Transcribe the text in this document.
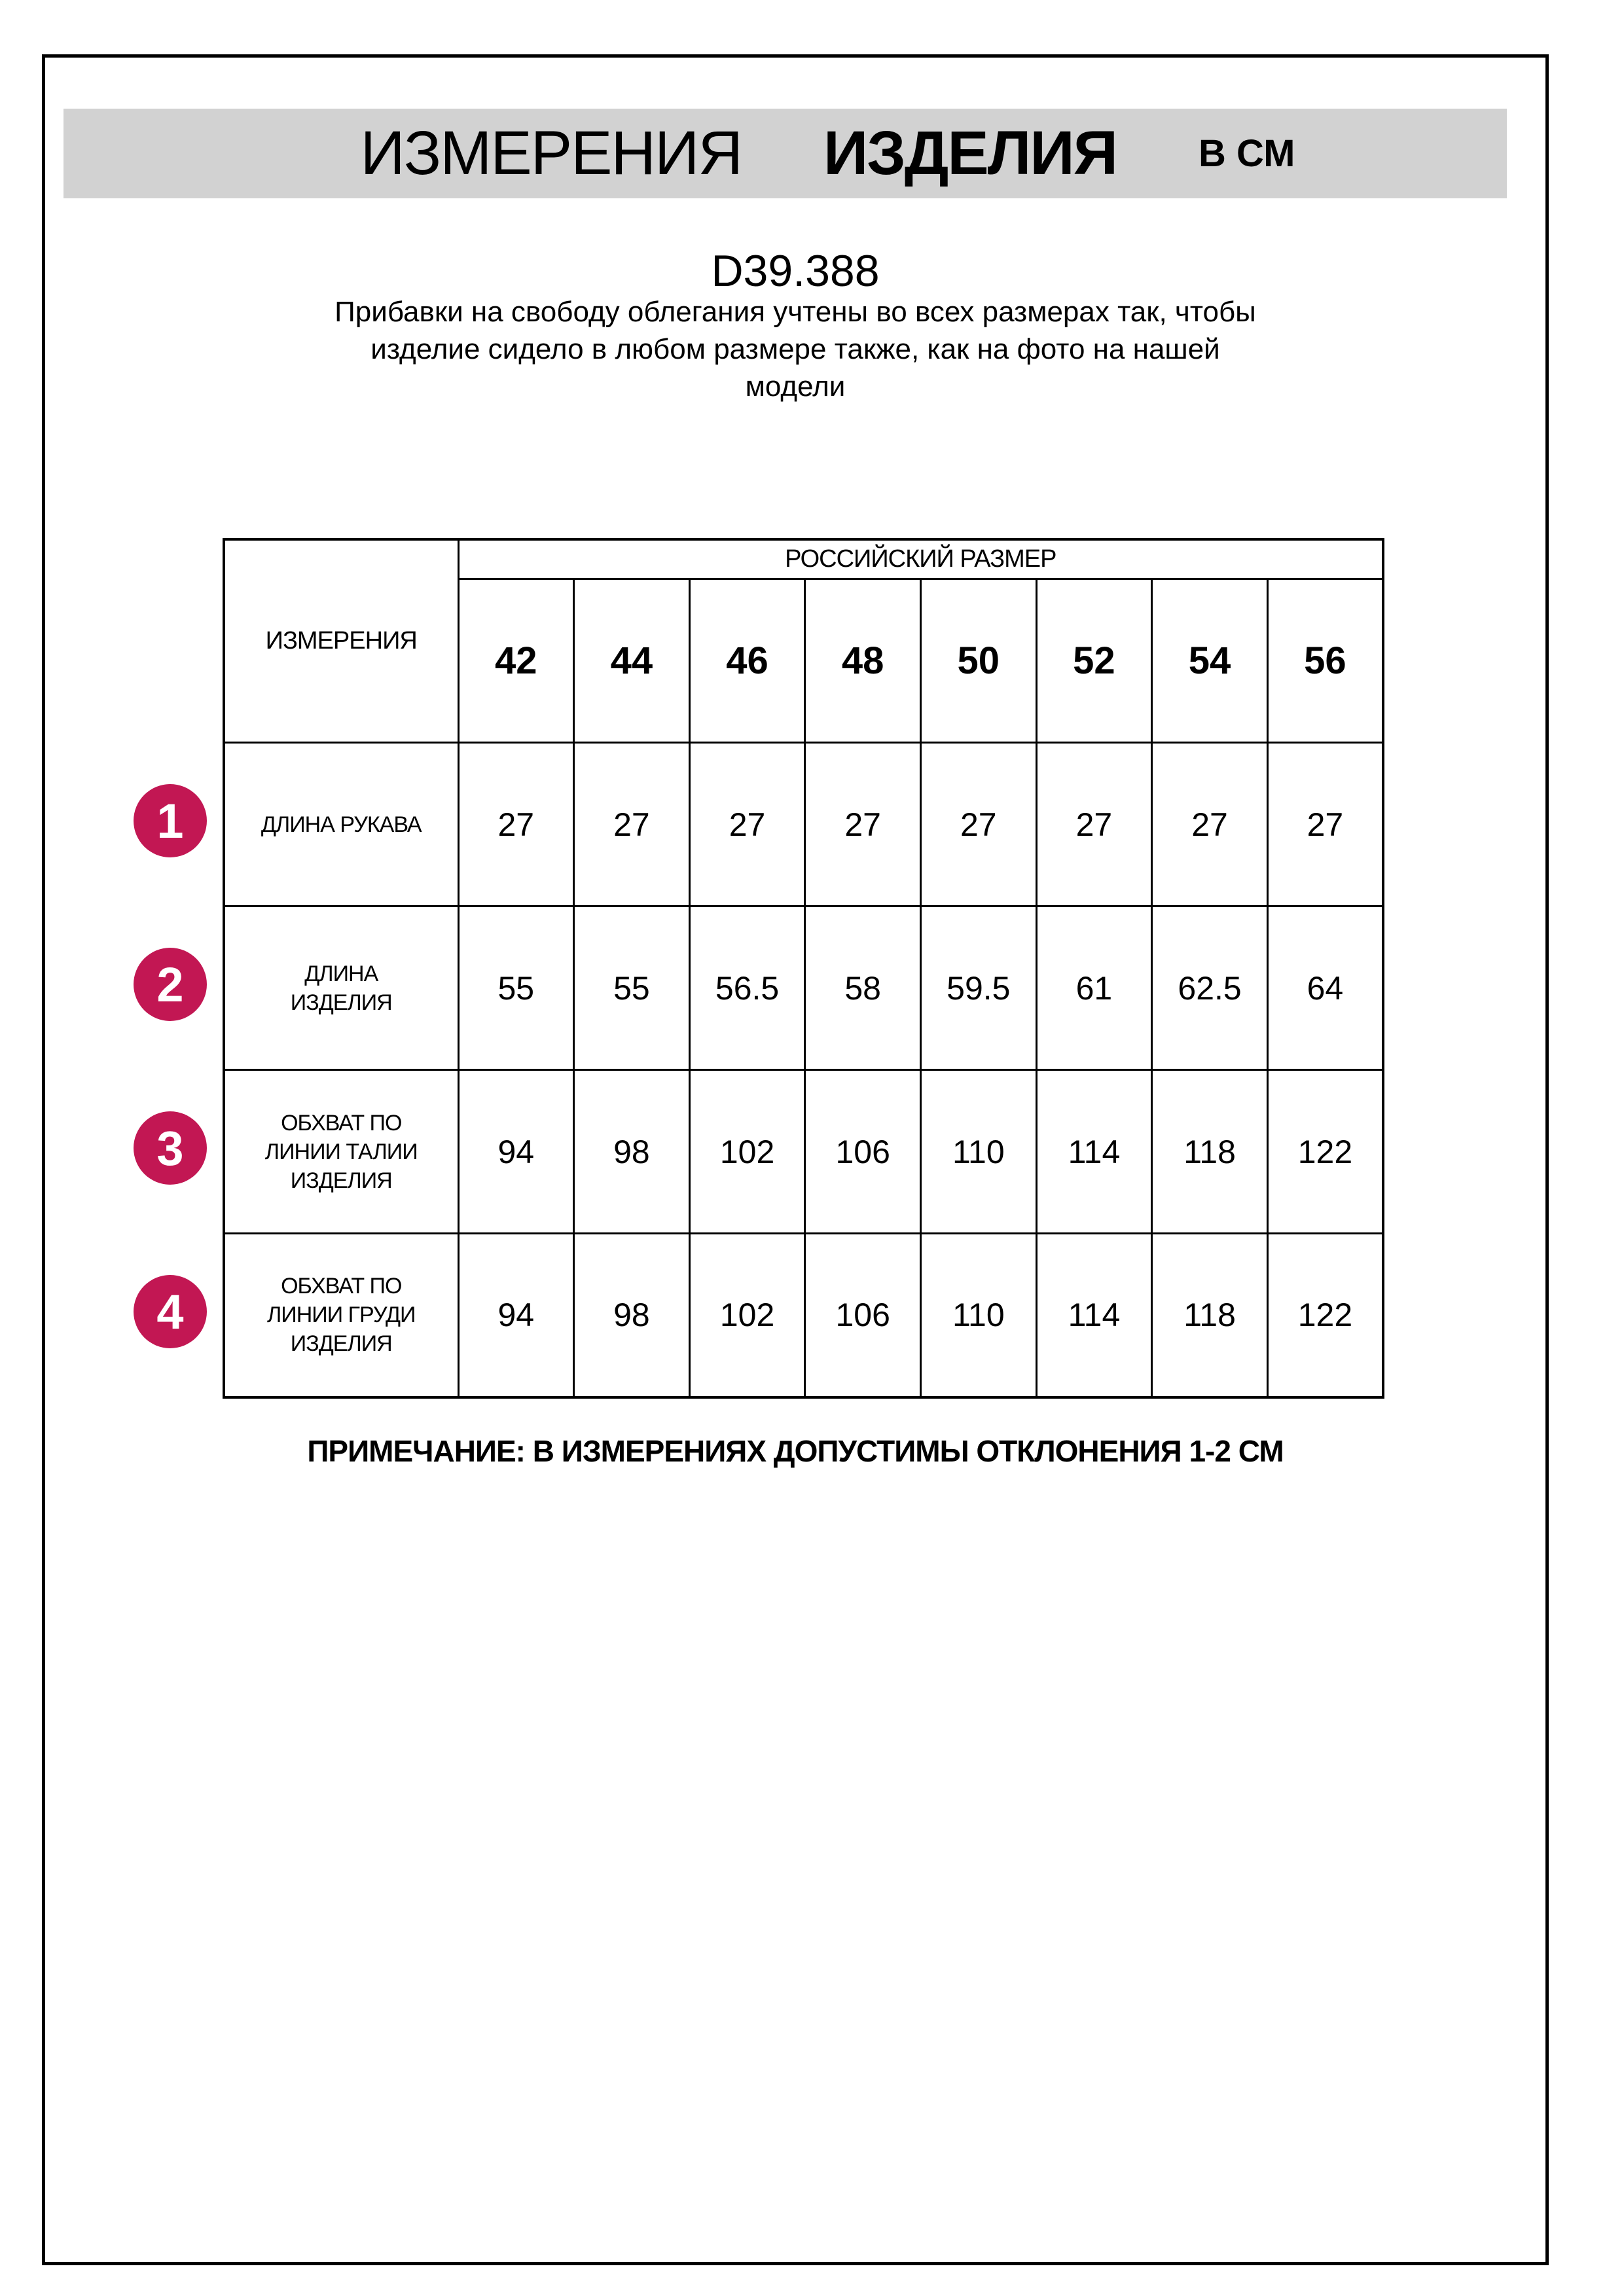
ИЗМЕРЕНИЯ ИЗДЕЛИЯ В СМ
D39.388
Прибавки на свободу облегания учтены во всех размерах так, чтобы
изделие сидело в любом размере также, как на фото на нашей
модели
ИЗМЕРЕНИЯ	РОССИЙСКИЙ РАЗМЕР							
	42	44	46	48	50	52	54	56

ДЛИНА РУКАВА	27	27	27	27	27	27	27	27

ДЛИНА
ИЗДЕЛИЯ	55	55	56.5	58	59.5	61	62.5	64

ОБХВАТ ПО
ЛИНИИ ТАЛИИ
ИЗДЕЛИЯ	94	98	102	106	110	114	118	122

ОБХВАТ ПО
ЛИНИИ ГРУДИ
ИЗДЕЛИЯ	94	98	102	106	110	114	118	122
1
2
3
4
ПРИМЕЧАНИЕ: В ИЗМЕРЕНИЯХ ДОПУСТИМЫ ОТКЛОНЕНИЯ 1-2 СМ
